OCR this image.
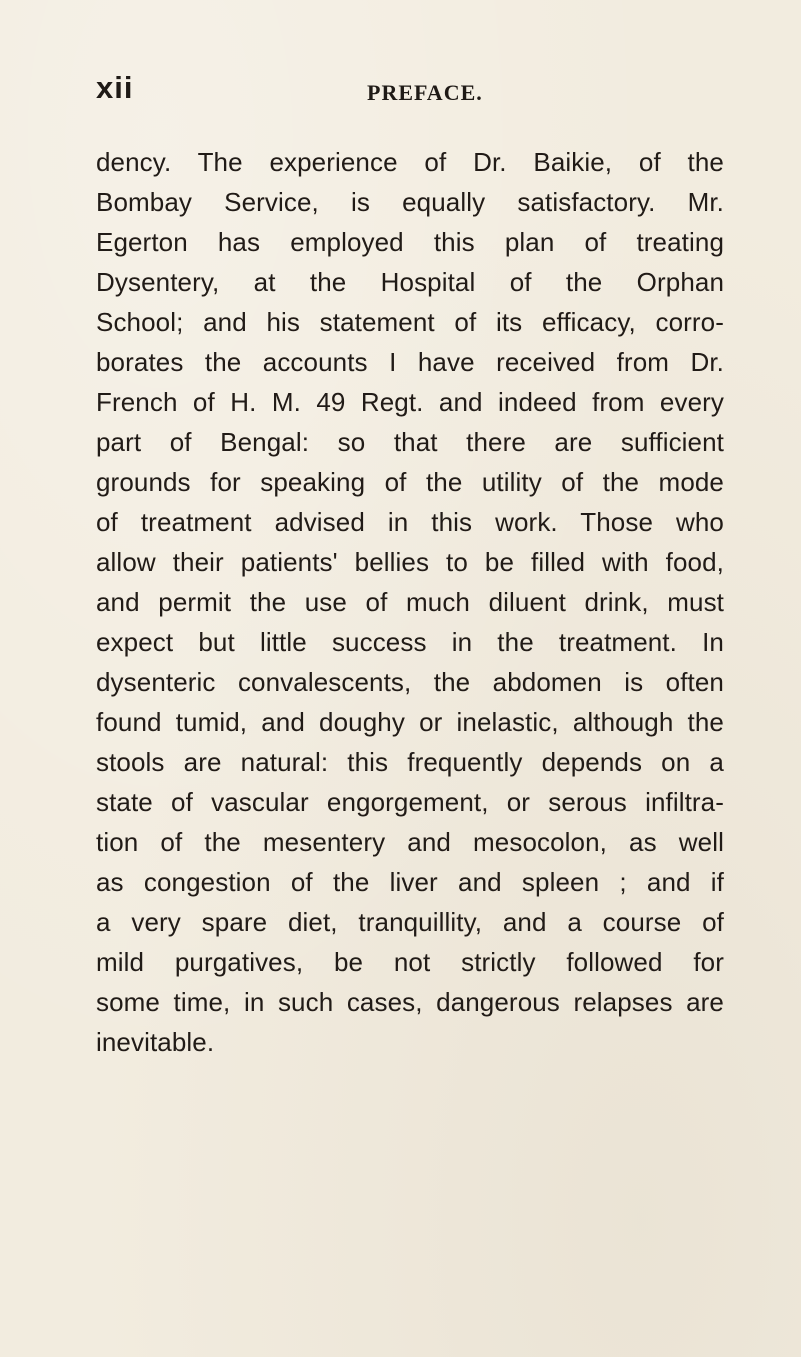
xii	PREFACE.
dency. The experience of Dr. Baikie, of the
Bombay Service, is equally satisfactory. Mr.
Egerton has employed this plan of treating
Dysentery, at the Hospital of the Orphan
School; and his statement of its efficacy, corro-
borates the accounts I have received from Dr.
French of H. M. 49 Regt. and indeed from every
part of Bengal: so that there are sufficient
grounds for speaking of the utility of the mode
of treatment advised in this work. Those who
allow their patients' bellies to be filled with food,
and permit the use of much diluent drink, must
expect but little success in the treatment. In
dysenteric convalescents, the abdomen is often
found tumid, and doughy or inelastic, although the
stools are natural: this frequently depends on a
state of vascular engorgement, or serous infiltra-
tion of the mesentery and mesocolon, as well
as congestion of the liver and spleen ; and if
a very spare diet, tranquillity, and a course of
mild purgatives, be not strictly followed for
some time, in such cases, dangerous relapses are
inevitable.
